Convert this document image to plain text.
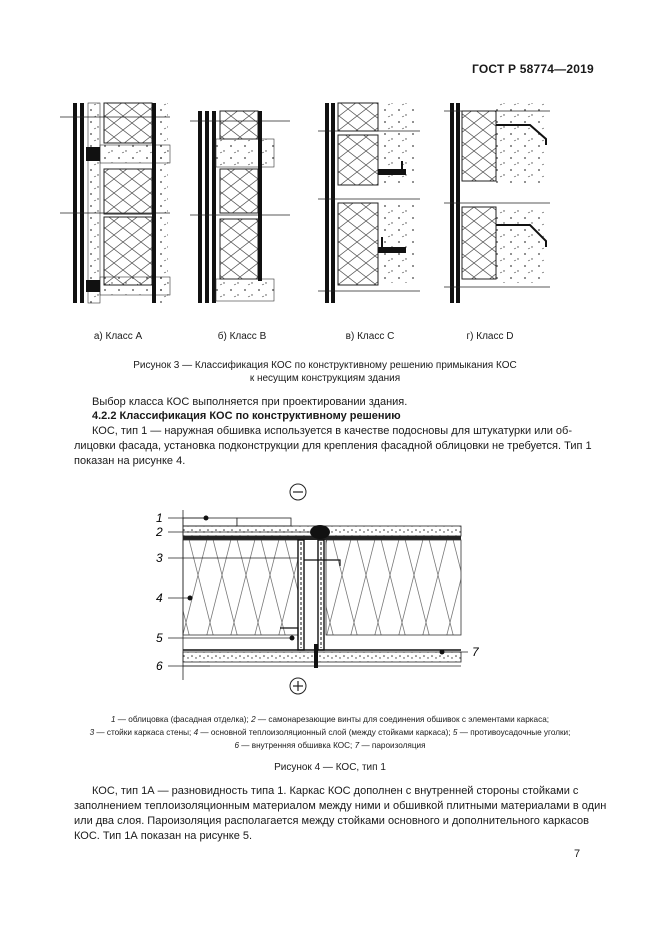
ГОСТ Р 58774—2019
а) Класс А	б) Класс В	в) Класс С	г) Класс D
Рисунок 3 — Классификация КОС по конструктивному решению примыкания КОС
к несущим конструкциям здания
Выбор класса КОС выполняется при проектировании здания.
4.2.2 Классификация КОС по конструктивному решению
КОС, тип 1 — наружная обшивка используется в качестве подосновы для штукатурки или об-
лицовки фасада, установка подконструкции для крепления фасадной облицовки не требуется. Тип 1
показан на рисунке 4.
1
2
3
4
5
6
7
1 — облицовка (фасадная отделка); 2 — самонарезающие винты для соединения обшивок с элементами каркаса;
3 — стойки каркаса стены; 4 — основной теплоизоляционный слой (между стойками каркаса); 5 — противоусадочные уголки;
6 — внутренняя обшивка КОС; 7 — пароизоляция
Рисунок 4 — КОС, тип 1
КОС, тип 1А — разновидность типа 1. Каркас КОС дополнен с внутренней стороны стойками с
заполнением теплоизоляционным материалом между ними и обшивкой плитными материалами в один
или два слоя. Пароизоляция располагается между стойками основного и дополнительного каркасов
КОС. Тип 1А показан на рисунке 5.
7
